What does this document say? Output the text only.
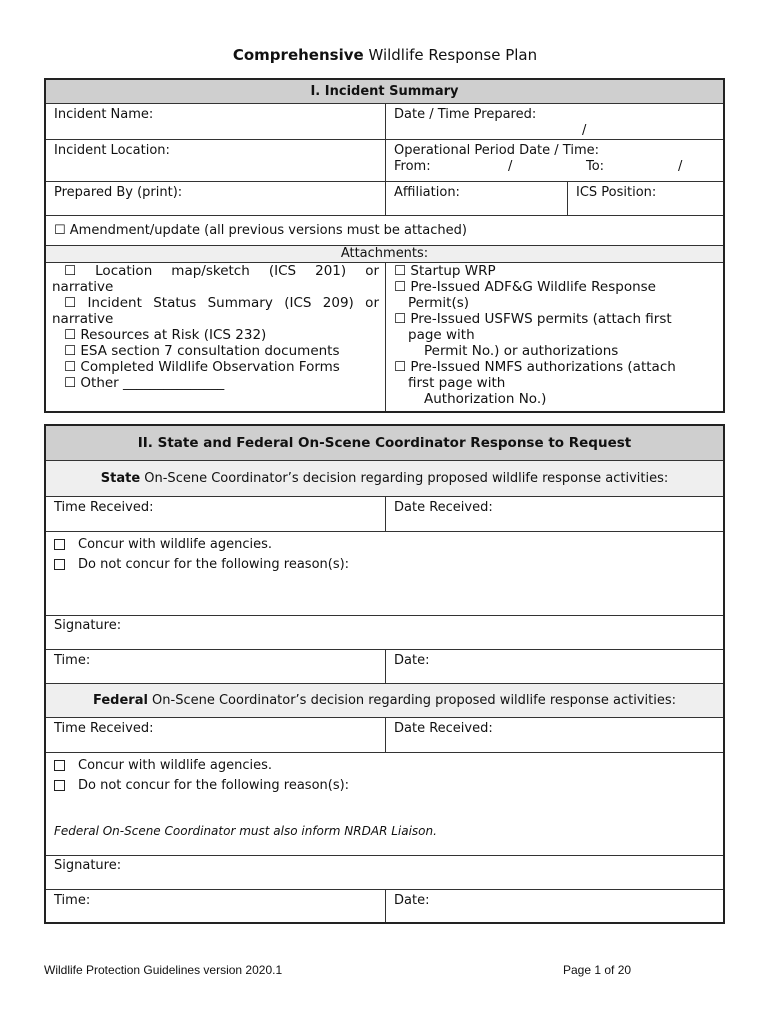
Comprehensive Wildlife Response Plan
I. Incident Summary
Incident Name:	Date / Time Prepared:
/
Incident Location:	Operational Period Date / Time:
From:	/	To:	/
Prepared By (print):	Affiliation:	ICS Position:
☐ Amendment/update (all previous versions must be attached)
Attachments:
☐ Location map/sketch (ICS 201) or
narrative
☐ Incident Status Summary (ICS 209) or
narrative
☐ Resources at Risk (ICS 232)
☐ ESA section 7 consultation documents
☐ Completed Wildlife Observation Forms
☐ Other _______________
☐ Startup WRP
☐ Pre-Issued ADF&G Wildlife Response
Permit(s)
☐ Pre-Issued USFWS permits (attach first
page with
Permit No.) or authorizations
☐ Pre-Issued NMFS authorizations (attach
first page with
Authorization No.)
II. State and Federal On-Scene Coordinator Response to Request
State On-Scene Coordinator’s decision regarding proposed wildlife response activities:
Time Received:	Date Received:
Concur with wildlife agencies.
Do not concur for the following reason(s):
Signature:
Time:	Date:
Federal On-Scene Coordinator’s decision regarding proposed wildlife response activities:
Time Received:	Date Received:
Concur with wildlife agencies.
Do not concur for the following reason(s):
Federal On-Scene Coordinator must also inform NRDAR Liaison.
Signature:
Time:	Date:
Wildlife Protection Guidelines version 2020.1	Page 1 of 20
